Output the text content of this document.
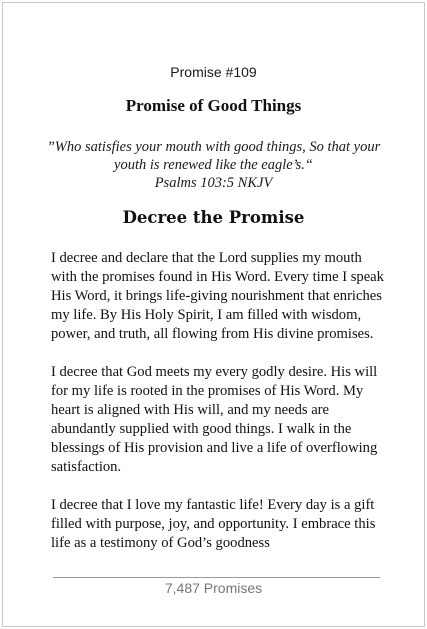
Promise #109
Promise of Good Things
”Who satisfies your mouth with good things, So that your youth is renewed like the eagle’s.“
Psalms 103:5 NKJV
Decree the Promise

I decree and declare that the Lord supplies my mouth with the promises found in His Word. Every time I speak His Word, it brings life-giving nourishment that enriches my life. By His Holy Spirit, I am filled with wisdom, power, and truth, all flowing from His divine promises.

I decree that God meets my every godly desire. His will for my life is rooted in the promises of His Word. My heart is aligned with His will, and my needs are abundantly supplied with good things. I walk in the blessings of His provision and live a life of overflowing satisfaction.

I decree that I love my fantastic life! Every day is a gift filled with purpose, joy, and opportunity. I embrace this life as a testimony of God’s goodness

7,487 Promises
